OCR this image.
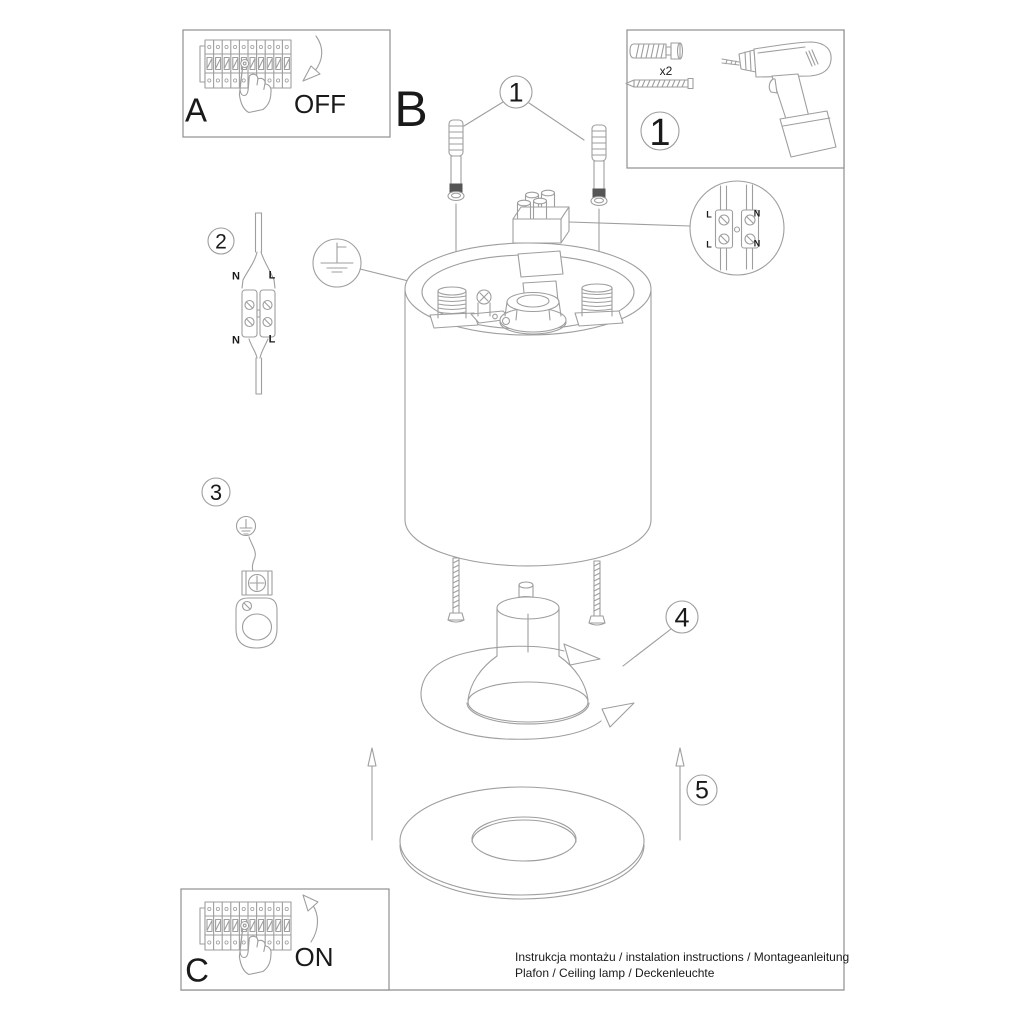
A	OFF B	1
1
x2
2
N	L
N	L
3
L	N
L	N
4
5
C	ON	Instrukcja montażu / instalation instructions / Montageanleitung
Plafon / Ceiling lamp / Deckenleuchte
